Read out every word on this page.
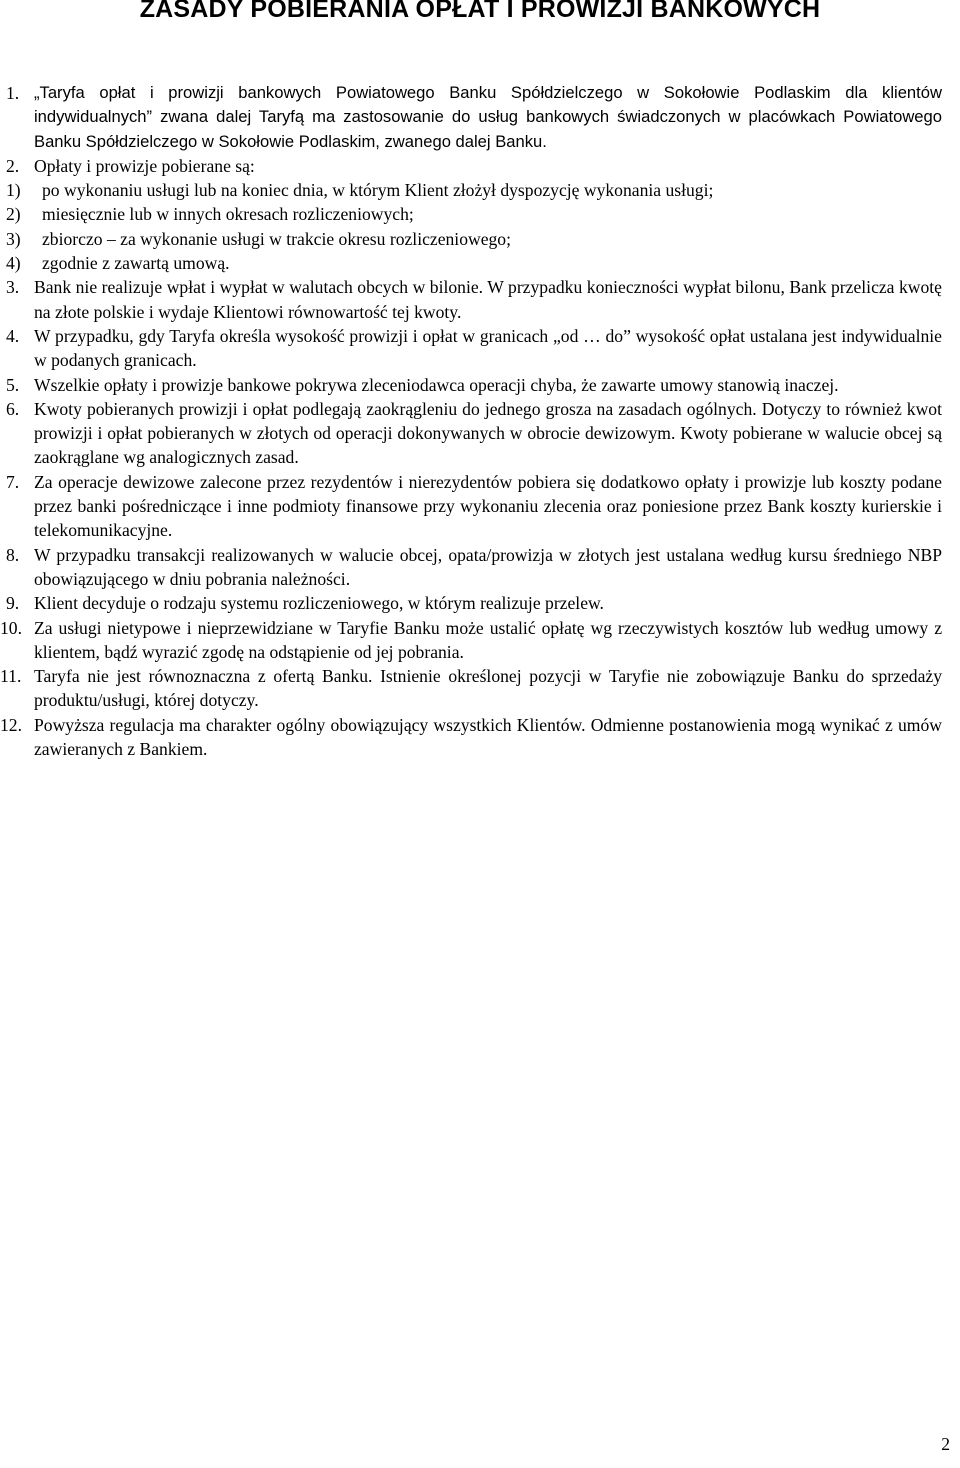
ZASADY POBIERANIA OPŁAT I PROWIZJI BANKOWYCH
1. „Taryfa opłat i prowizji bankowych Powiatowego Banku Spółdzielczego w Sokołowie Podlaskim dla klientów indywidualnych” zwana dalej Taryfą ma zastosowanie do usług bankowych świadczonych w placówkach Powiatowego Banku Spółdzielczego w Sokołowie Podlaskim, zwanego dalej Banku.
2. Opłaty i prowizje pobierane są:
1) po wykonaniu usługi lub na koniec dnia, w którym Klient złożył dyspozycję wykonania usługi;
2) miesięcznie lub w innych okresach rozliczeniowych;
3) zbiorczo – za wykonanie usługi w trakcie okresu rozliczeniowego;
4) zgodnie z zawartą umową.
3. Bank nie realizuje wpłat i wypłat w walutach obcych w bilonie. W przypadku konieczności wypłat bilonu, Bank przelicza kwotę na złote polskie i wydaje Klientowi równowartość tej kwoty.
4. W przypadku, gdy Taryfa określa wysokość prowizji i opłat w granicach „od … do” wysokość opłat ustalana jest indywidualnie w podanych granicach.
5. Wszelkie opłaty i prowizje bankowe pokrywa zleceniodawca operacji chyba, że zawarte umowy stanowią inaczej.
6. Kwoty pobieranych prowizji i opłat podlegają zaokrągleniu do jednego grosza na zasadach ogólnych. Dotyczy to również kwot prowizji i opłat pobieranych w złotych od operacji dokonywanych w obrocie dewizowym. Kwoty pobierane w walucie obcej są zaokrąglane wg analogicznych zasad.
7. Za operacje dewizowe zalecone przez rezydentów i nierezydentów pobiera się dodatkowo opłaty i prowizje lub koszty podane przez banki pośredniczące i inne podmioty finansowe przy wykonaniu zlecenia oraz poniesione przez Bank koszty kurierskie i telekomunikacyjne.
8. W przypadku transakcji realizowanych w walucie obcej, opata/prowizja w złotych jest ustalana według kursu średniego NBP obowiązującego w dniu pobrania należności.
9. Klient decyduje o rodzaju systemu rozliczeniowego, w którym realizuje przelew.
10. Za usługi nietypowe i nieprzewidziane w Taryfie Banku może ustalić opłatę wg rzeczywistych kosztów lub według umowy z klientem, bądź wyrazić zgodę na odstąpienie od jej pobrania.
11. Taryfa nie jest równoznaczna z ofertą Banku. Istnienie określonej pozycji w Taryfie nie zobowiązuje Banku do sprzedaży produktu/usługi, której dotyczy.
12. Powyższa regulacja ma charakter ogólny obowiązujący wszystkich Klientów. Odmienne postanowienia mogą wynikać z umów zawieranych z Bankiem.
2
